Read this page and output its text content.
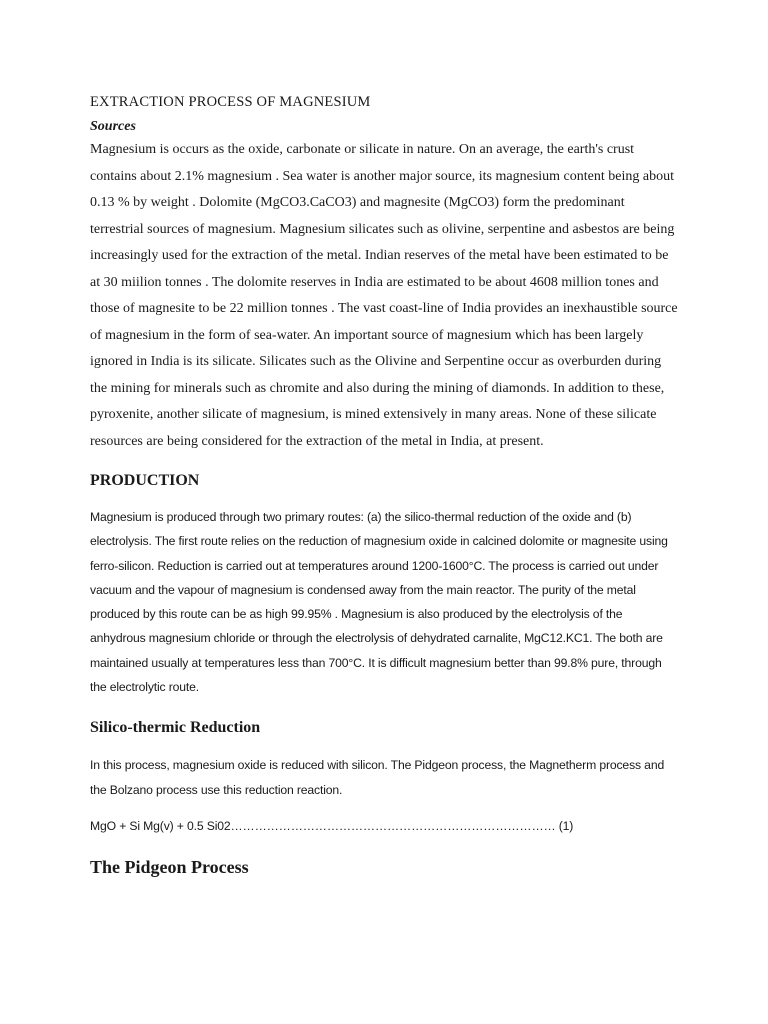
EXTRACTION PROCESS OF MAGNESIUM
Sources

Magnesium is occurs as the oxide, carbonate or silicate in nature. On an average, the earth's crust contains about 2.1% magnesium . Sea water is another major source, its magnesium content being about 0.13 % by weight . Dolomite (MgCO3.CaCO3) and magnesite (MgCO3) form the predominant terrestrial sources of magnesium. Magnesium silicates such as olivine, serpentine and asbestos are being increasingly used for the extraction of the metal. Indian reserves of the metal have been estimated to be at 30 miilion tonnes . The dolomite reserves in India are estimated to be about 4608 million tones and those of magnesite to be 22 million tonnes . The vast coast-line of India provides an inexhaustible source of magnesium in the form of sea-water. An important source of magnesium which has been largely ignored in India is its silicate. Silicates such as the Olivine and Serpentine occur as overburden during the mining for minerals such as chromite and also during the mining of diamonds. In addition to these, pyroxenite, another silicate of magnesium, is mined extensively in many areas. None of these silicate resources are being considered for the extraction of the metal in India, at present.

PRODUCTION

Magnesium is produced through two primary routes: (a) the silico-thermal reduction of the oxide and (b) electrolysis. The first route relies on the reduction of magnesium oxide in calcined dolomite or magnesite using ferro-silicon. Reduction is carried out at temperatures around 1200-1600°C. The process is carried out under vacuum and the vapour of magnesium is condensed away from the main reactor. The purity of the metal produced by this route can be as high 99.95% . Magnesium is also produced by the electrolysis of the anhydrous magnesium chloride or through the electrolysis of dehydrated carnalite, MgC12.KC1. The both are maintained usually at temperatures less than 700°C. It is difficult magnesium better than 99.8% pure, through the electrolytic route.

Silico-thermic Reduction

In this process, magnesium oxide is reduced with silicon. The Pidgeon process, the Magnetherm process and the Bolzano process use this reduction reaction.

MgO + Si Mg(v) + 0.5 Si02……………………………………………………………………… (1)
The Pidgeon Process
